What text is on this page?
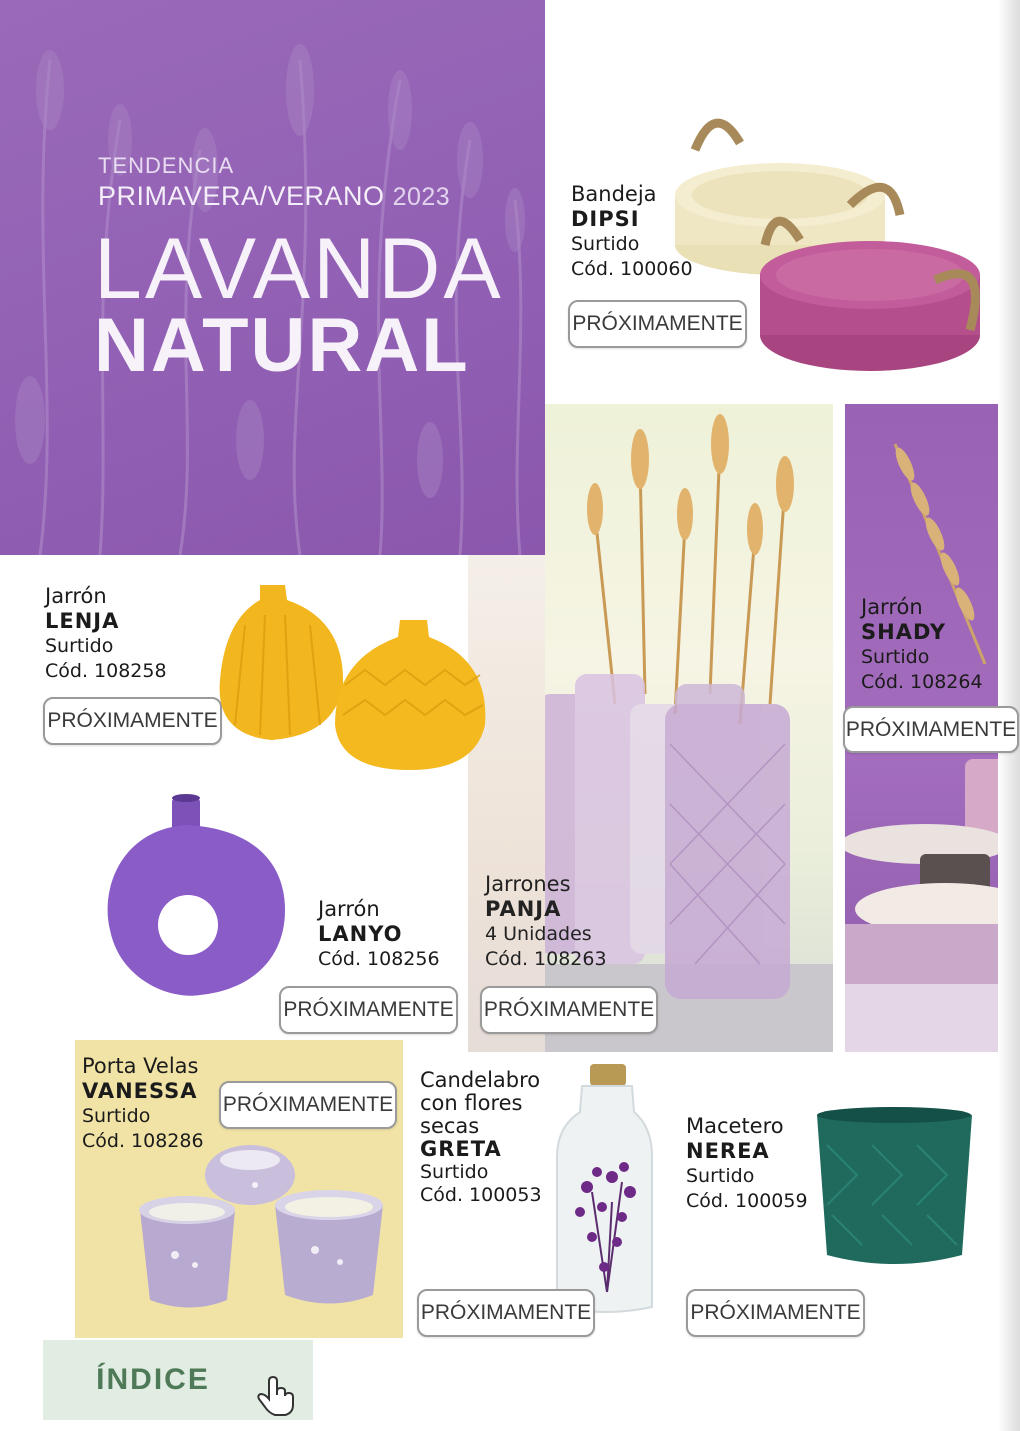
TENDENCIA
PRIMAVERA/VERANO 2023
LAVANDA
NATURAL
Bandeja
DIPSI
Surtido
Cód. 100060
PRÓXIMAMENTE
Jarrón
SHADY
Surtido
Cód. 108264
PRÓXIMAMENTE
Jarrón
LENJA
Surtido
Cód. 108258
PRÓXIMAMENTE
Jarrón
LANYO
Cód. 108256
PRÓXIMAMENTE
Jarrones
PANJA
4 Unidades
Cód. 108263
PRÓXIMAMENTE
Porta Velas
VANESSA
Surtido
Cód. 108286
PRÓXIMAMENTE
Candelabro
con flores
secas
GRETA
Surtido
Cód. 100053
PRÓXIMAMENTE
Macetero
NEREA
Surtido
Cód. 100059
PRÓXIMAMENTE
ÍNDICE
